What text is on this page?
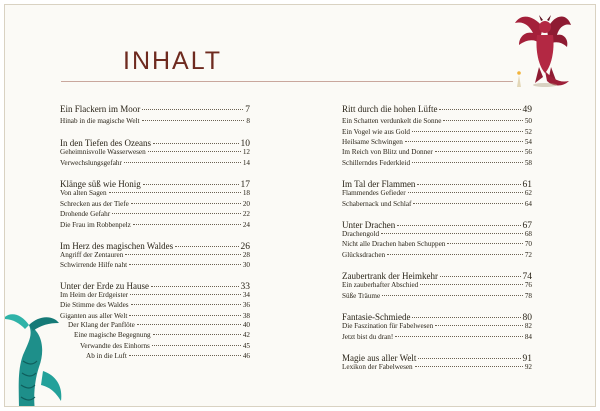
INHALT
Ein Flackern im Moor	7
Hinab in die magische Welt	8
In den Tiefen des Ozeans	10
Geheimnisvolle Wasserwesen	12
Verwechslungsgefahr	14
Klänge süß wie Honig	17
Von alten Sagen	18
Schrecken aus der Tiefe	20
Drohende Gefahr	22
Die Frau im Robbenpelz	24
Im Herz des magischen Waldes	26
Angriff der Zentauren	28
Schwirrende Hilfe naht	30
Unter der Erde zu Hause	33
Im Heim der Erdgeister	34
Die Stimme des Waldes	36
Giganten aus aller Welt	38
Der Klang der Panflöte	40
Eine magische Begegnung	42
Verwandte des Einhorns	45
Ab in die Luft	46
Ritt durch die hohen Lüfte	49
Ein Schatten verdunkelt die Sonne	50
Ein Vogel wie aus Gold	52
Heilsame Schwingen	54
Im Reich von Blitz und Donner	56
Schillerndes Federkleid	58
Im Tal der Flammen	61
Flammendes Gefieder	62
Schabernack und Schlaf	64
Unter Drachen	67
Drachengold	68
Nicht alle Drachen haben Schuppen	70
Glücksdrachen	72
Zaubertrank der Heimkehr	74
Ein zauberhafter Abschied	76
Süße Träume	78
Fantasie-Schmiede	80
Die Faszination für Fabelwesen	82
Jetzt bist du dran!	84
Magie aus aller Welt	91
Lexikon der Fabelwesen	92
